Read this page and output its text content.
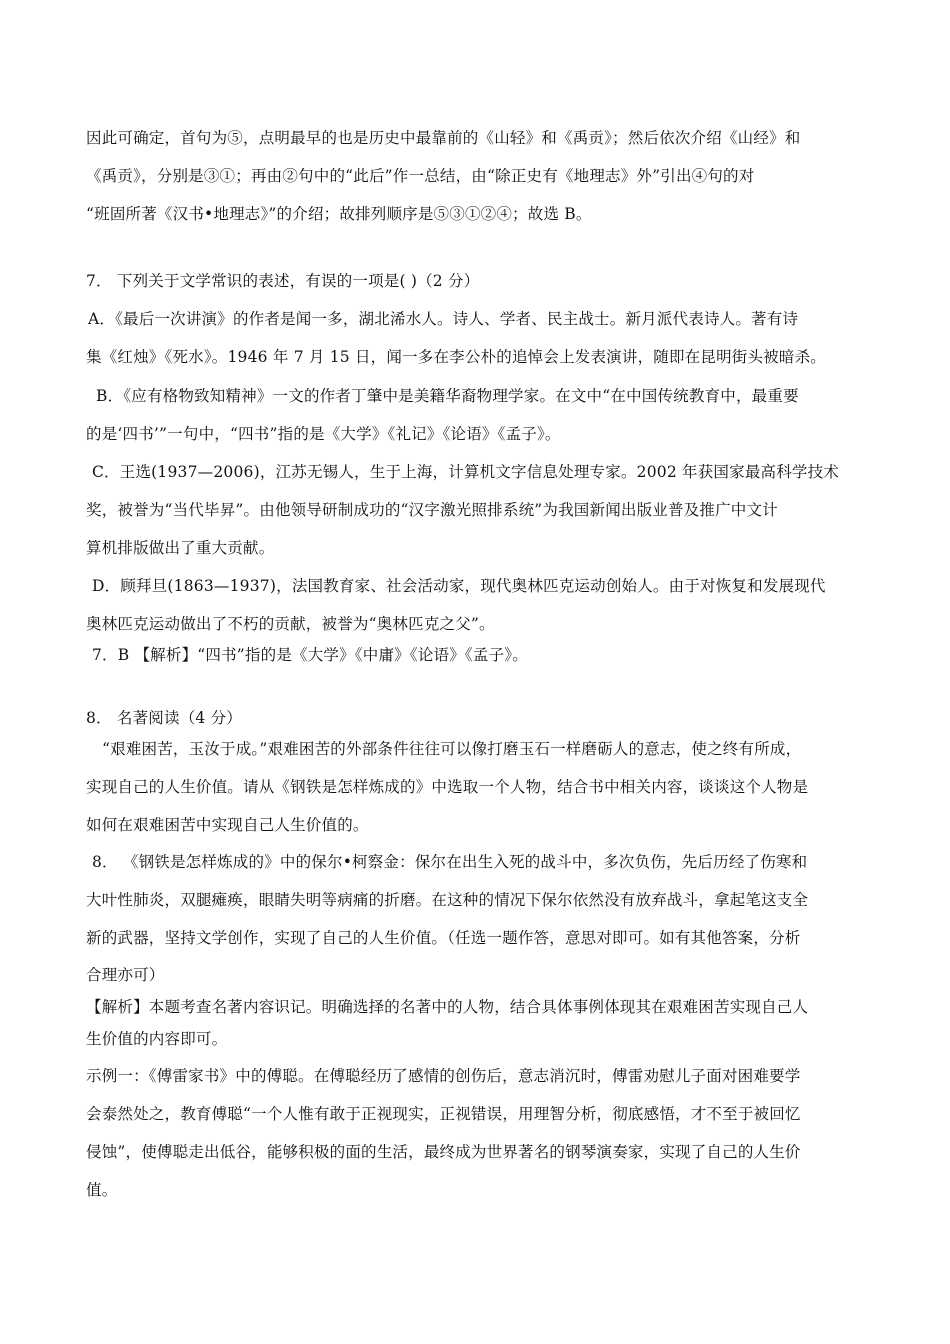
因此可确定，首句为⑤，点明最早的也是历史中最靠前的《山轻》和《禹贡》；然后依次介绍《山经》和
《禹贡》，分别是③①；再由②句中的“此后”作一总结，由“除正史有《地理志》外”引出④句的对
“班固所著《汉书•地理志》”的介绍；故排列顺序是⑤③①②④；故选 B。
7． 下列关于文学常识的表述，有误的一项是( )（2 分）
A．《最后一次讲演》的作者是闻一多，湖北浠水人。诗人、学者、民主战士。新月派代表诗人。著有诗
集《红烛》《死水》。1946 年 7 月 15 日，闻一多在李公朴的追悼会上发表演讲，随即在昆明街头被暗杀。
B．《应有格物致知精神》一文的作者丁肇中是美籍华裔物理学家。在文中“在中国传统教育中，最重要
的是‘四书’”一句中，“四书”指的是《大学》《礼记》《论语》《孟子》。
C．王选(1937—2006)，江苏无锡人，生于上海，计算机文字信息处理专家。2002 年获国家最高科学技术
奖，被誉为“当代毕昇”。由他领导研制成功的“汉字激光照排系统”为我国新闻出版业普及推广中文计
算机排版做出了重大贡献。
D．顾拜旦(1863—1937)，法国教育家、社会活动家，现代奥林匹克运动创始人。由于对恢复和发展现代
奥林匹克运动做出了不朽的贡献，被誉为“奥林匹克之父”。
7．B 【解析】“四书”指的是《大学》《中庸》《论语》《孟子》。
8． 名著阅读（4 分）
“艰难困苦，玉汝于成。”艰难困苦的外部条件往往可以像打磨玉石一样磨砺人的意志，使之终有所成，
实现自己的人生价值。请从《钢铁是怎样炼成的》中选取一个人物，结合书中相关内容，谈谈这个人物是
如何在艰难困苦中实现自己人生价值的。
8． 《钢铁是怎样炼成的》中的保尔•柯察金：保尔在出生入死的战斗中，多次负伤，先后历经了伤寒和
大叶性肺炎，双腿瘫痪，眼睛失明等病痛的折磨。在这种的情况下保尔依然没有放弃战斗，拿起笔这支全
新的武器，坚持文学创作，实现了自己的人生价值。（任选一题作答，意思对即可。如有其他答案，分析
合理亦可）
【解析】本题考查名著内容识记。明确选择的名著中的人物，结合具体事例体现其在艰难困苦实现自己人
生价值的内容即可。
示例一：《傅雷家书》中的傅聪。在傅聪经历了感情的创伤后，意志消沉时，傅雷劝慰儿子面对困难要学
会泰然处之，教育傅聪“一个人惟有敢于正视现实，正视错误，用理智分析，彻底感悟，才不至于被回忆
侵蚀”，使傅聪走出低谷，能够积极的面的生活，最终成为世界著名的钢琴演奏家，实现了自己的人生价
值。
